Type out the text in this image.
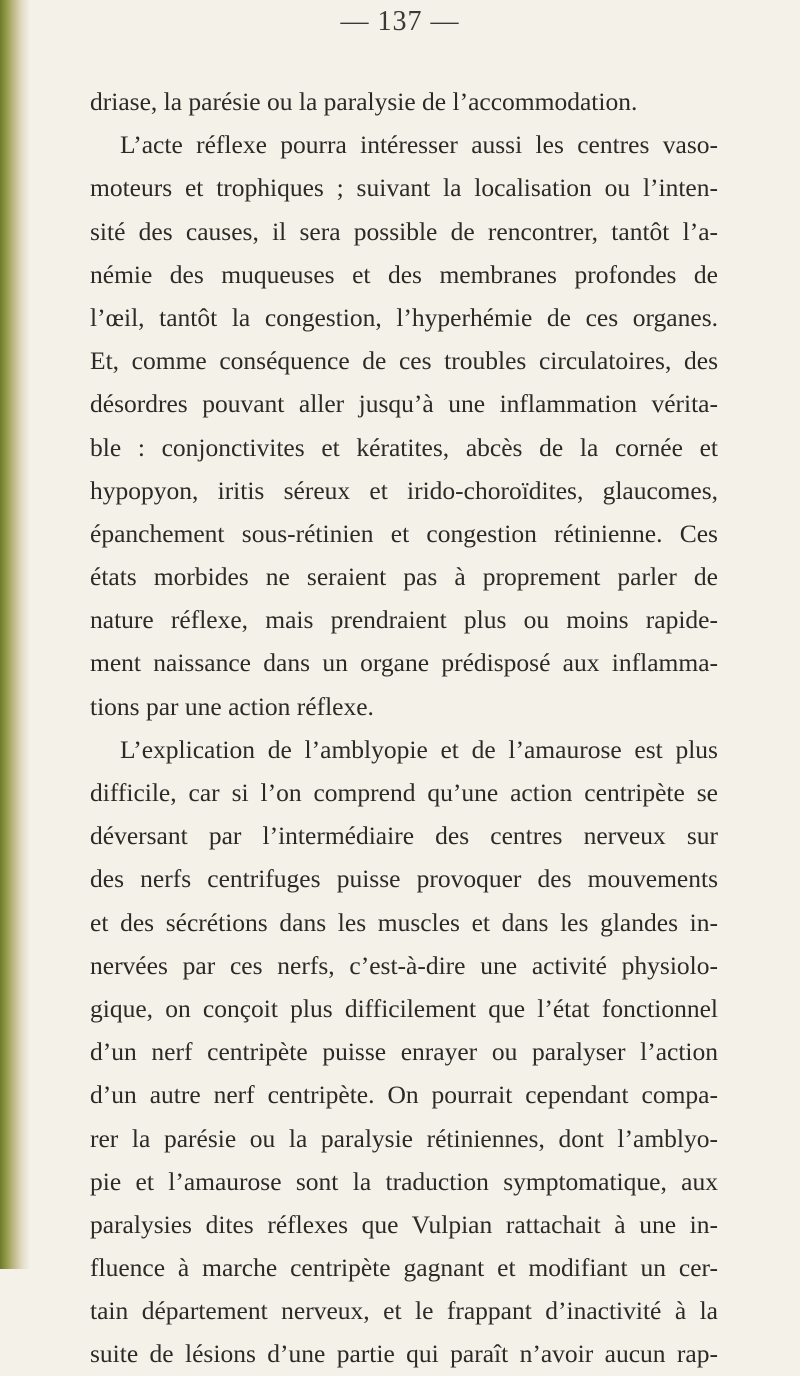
— 137 —
driase, la parésie ou la paralysie de l’accommodation.
L’acte réflexe pourra intéresser aussi les centres vaso-
moteurs et trophiques ; suivant la localisation ou l’inten-
sité des causes, il sera possible de rencontrer, tantôt l’a-
némie des muqueuses et des membranes profondes de
l’œil, tantôt la congestion, l’hyperhémie de ces organes.
Et, comme conséquence de ces troubles circulatoires, des
désordres pouvant aller jusqu’à une inflammation vérita-
ble : conjonctivites et kératites, abcès de la cornée et
hypopyon, iritis séreux et irido-choroïdites, glaucomes,
épanchement sous-rétinien et congestion rétinienne. Ces
états morbides ne seraient pas à proprement parler de
nature réflexe, mais prendraient plus ou moins rapide-
ment naissance dans un organe prédisposé aux inflamma-
tions par une action réflexe.
L’explication de l’amblyopie et de l’amaurose est plus
difficile, car si l’on comprend qu’une action centripète se
déversant par l’intermédiaire des centres nerveux sur
des nerfs centrifuges puisse provoquer des mouvements
et des sécrétions dans les muscles et dans les glandes in-
nervées par ces nerfs, c’est-à-dire une activité physiolo-
gique, on conçoit plus difficilement que l’état fonctionnel
d’un nerf centripète puisse enrayer ou paralyser l’action
d’un autre nerf centripète. On pourrait cependant compa-
rer la parésie ou la paralysie rétiniennes, dont l’amblyo-
pie et l’amaurose sont la traduction symptomatique, aux
paralysies dites réflexes que Vulpian rattachait à une in-
fluence à marche centripète gagnant et modifiant un cer-
tain département nerveux, et le frappant d’inactivité à la
suite de lésions d’une partie qui paraît n’avoir aucun rap-
